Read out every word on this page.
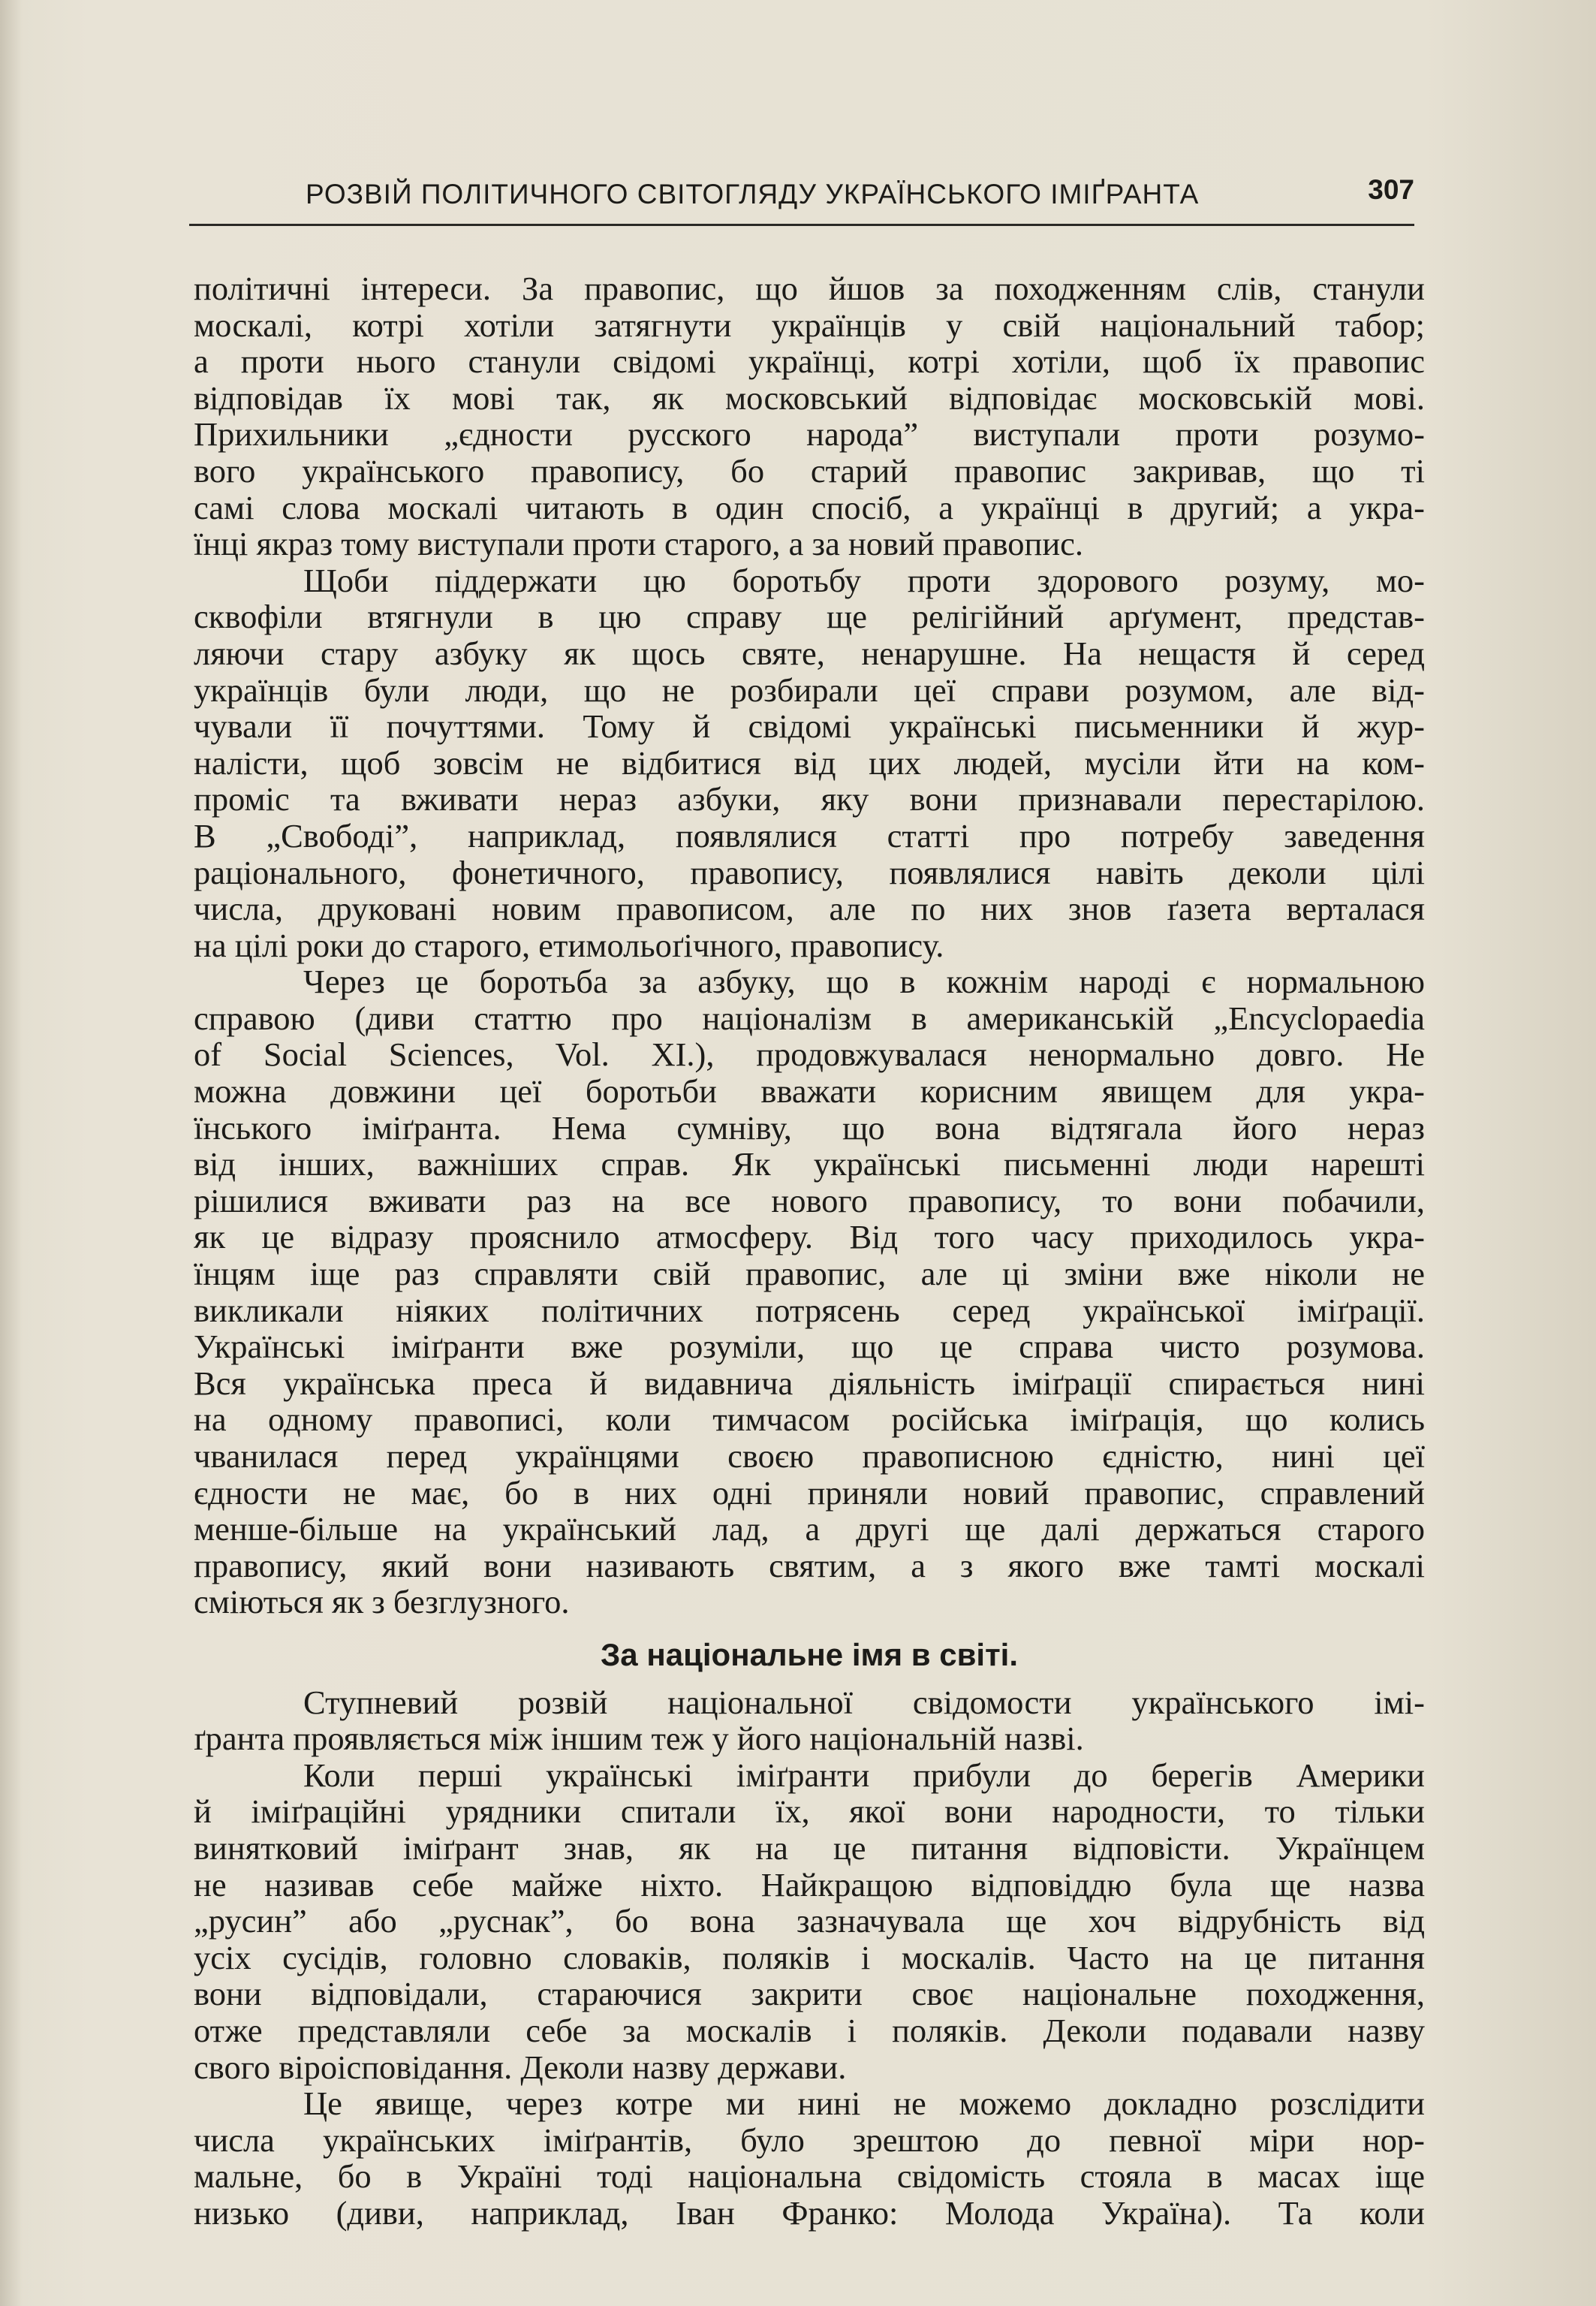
РОЗВІЙ ПОЛІТИЧНОГО СВІТОГЛЯДУ УКРАЇНСЬКОГО ІМІҐРАНТА	307
політичні інтереси. За правопис, що йшов за походженням слів, станули
москалі, котрі хотіли затягнути українців у свій національний табор;
а проти нього станули свідомі українці, котрі хотіли, щоб їх правопис
відповідав їх мові так, як московський відповідає московській мові.
Прихильники „єдности русского народа” виступали проти розумо-
вого українського правопису, бо старий правопис закривав, що ті
самі слова москалі читають в один спосіб, а українці в другий; а укра-
їнці якраз тому виступали проти старого, а за новий правопис.
Щоби піддержати цю боротьбу проти здорового розуму, мо-
сквофіли втягнули в цю справу ще релігійний арґумент, представ-
ляючи стару азбуку як щось святе, ненарушне. На нещастя й серед
українців були люди, що не розбирали цеї справи розумом, але від-
чували її почуттями. Тому й свідомі українські письменники й жур-
налісти, щоб зовсім не відбитися від цих людей, мусіли йти на ком-
проміс та вживати нераз азбуки, яку вони признавали перестарілою.
В „Свободі”, наприклад, появлялися статті про потребу заведення
раціонального, фонетичного, правопису, появлялися навіть деколи цілі
числа, друковані новим правописом, але по них знов ґазета верталася
на цілі роки до старого, етимольоґічного, правопису.
Через це боротьба за азбуку, що в кожнім народі є нормальною
справою (диви статтю про націоналізм в американській „Encyclopaedia
of Social Sciences, Vol. XI.), продовжувалася ненормально довго. Не
можна довжини цеї боротьби вважати корисним явищем для укра-
їнського іміґранта. Нема сумніву, що вона відтягала його нераз
від інших, важніших справ. Як українські письменні люди нарешті
рішилися вживати раз на все нового правопису, то вони побачили,
як це відразу прояснило атмосферу. Від того часу приходилось укра-
їнцям іще раз справляти свій правопис, але ці зміни вже ніколи не
викликали ніяких політичних потрясень серед української іміґрації.
Українські іміґранти вже розуміли, що це справа чисто розумова.
Вся українська преса й видавнича діяльність іміґрації спирається нині
на одному правописі, коли тимчасом російська іміґрація, що колись
чванилася перед українцями своєю правописною єдністю, нині цеї
єдности не має, бо в них одні приняли новий правопис, справлений
менше-більше на український лад, а другі ще далі держаться старого
правопису, який вони називають святим, а з якого вже тамті москалі
сміються як з безглузного.
За національне імя в світі.
Ступневий розвій національної свідомости українського імі-
ґранта проявляється між іншим теж у його національній назві.
Коли перші українські іміґранти прибули до берегів Америки
й іміґраційні урядники спитали їх, якої вони народности, то тільки
винятковий іміґрант знав, як на це питання відповісти. Українцем
не називав себе майже ніхто. Найкращою відповіддю була ще назва
„русин” або „руснак”, бо вона зазначувала ще хоч відрубність від
усіх сусідів, головно словаків, поляків і москалів. Часто на це питання
вони відповідали, стараючися закрити своє національне походження,
отже представляли себе за москалів і поляків. Деколи подавали назву
свого віроісповідання. Деколи назву держави.
Це явище, через котре ми нині не можемо докладно розслідити
числа українських іміґрантів, було зрештою до певної міри нор-
мальне, бо в Україні тоді національна свідомість стояла в масах іще
низько (диви, наприклад, Іван Франко: Молода Україна). Та коли
